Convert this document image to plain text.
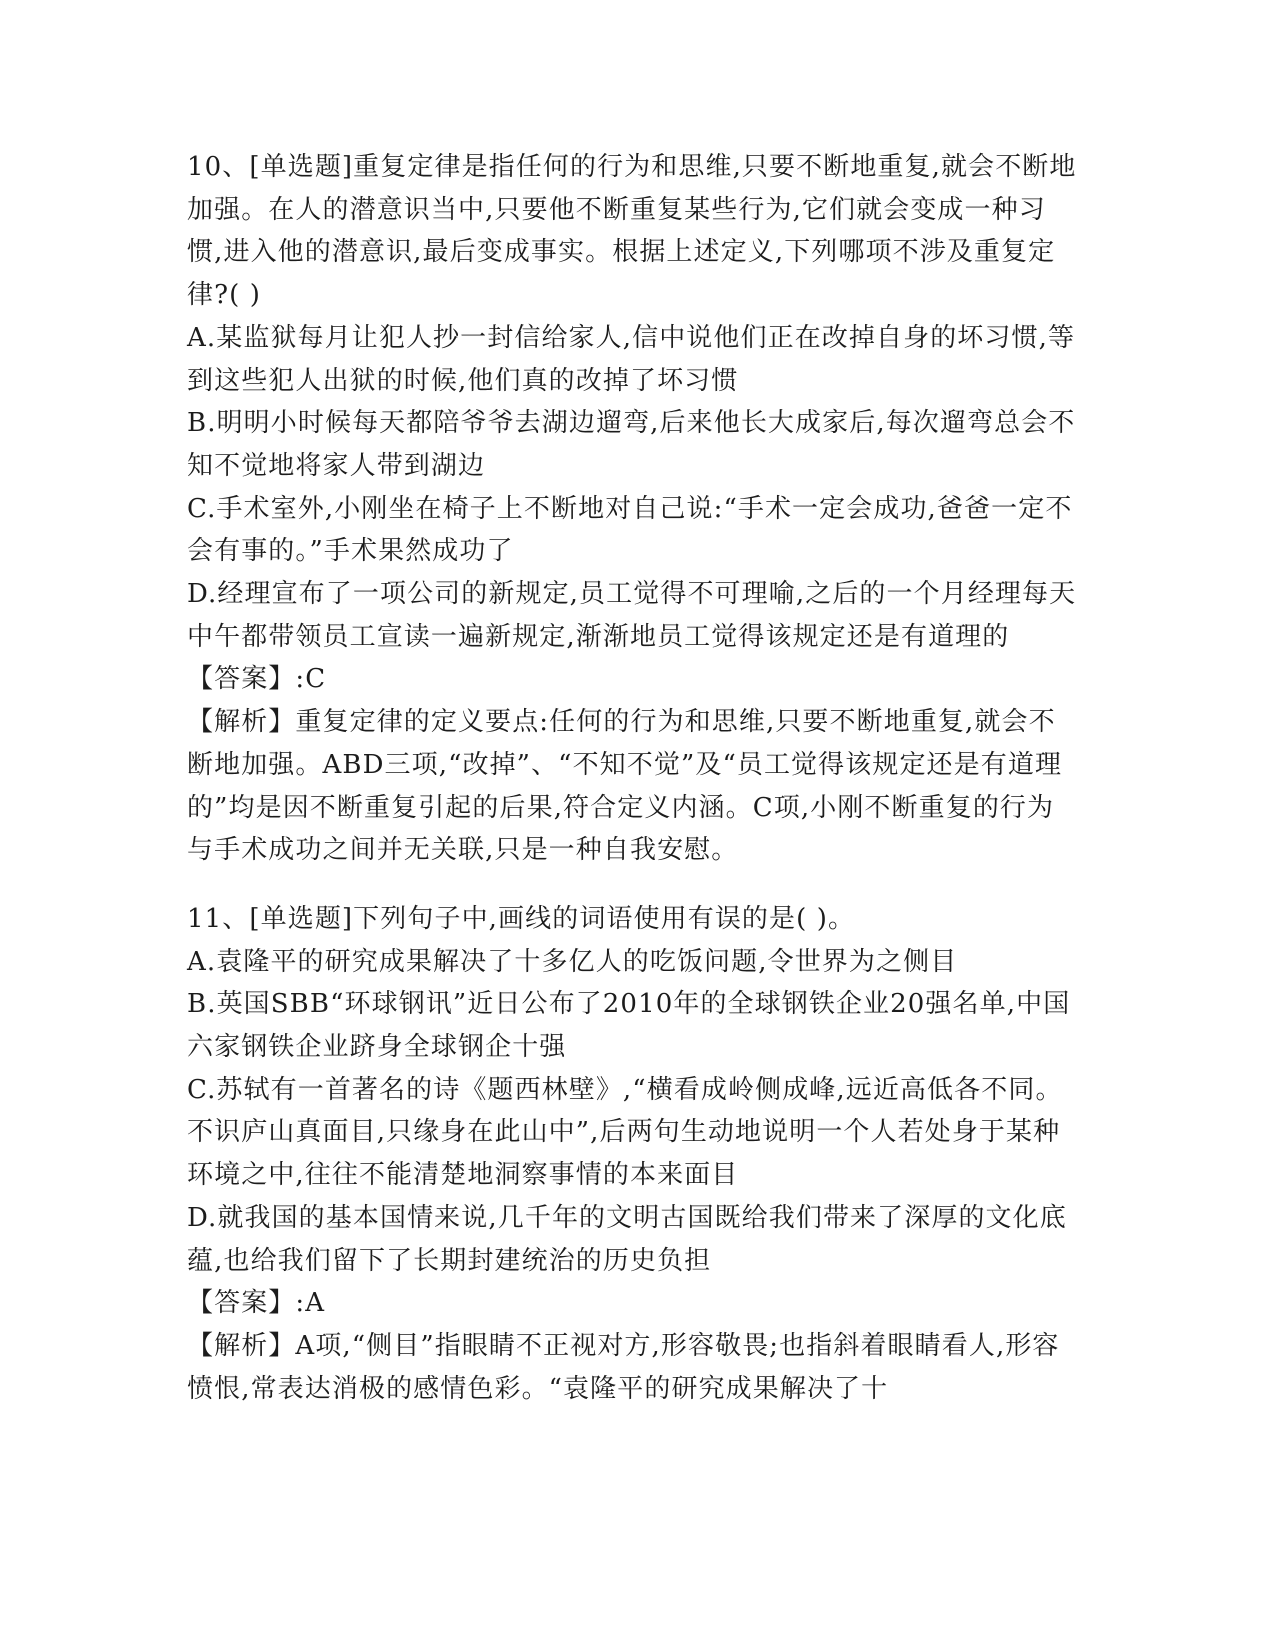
10、[单选题]重复定律是指任何的行为和思维,只要不断地重复,就会不断地加强。在人的潜意识当中,只要他不断重复某些行为,它们就会变成一种习惯,进入他的潜意识,最后变成事实。根据上述定义,下列哪项不涉及重复定律?( )

A.某监狱每月让犯人抄一封信给家人,信中说他们正在改掉自身的坏习惯,等到这些犯人出狱的时候,他们真的改掉了坏习惯

B.明明小时候每天都陪爷爷去湖边遛弯,后来他长大成家后,每次遛弯总会不知不觉地将家人带到湖边

C.手术室外,小刚坐在椅子上不断地对自己说:“手术一定会成功,爸爸一定不会有事的。”手术果然成功了

D.经理宣布了一项公司的新规定,员工觉得不可理喻,之后的一个月经理每天中午都带领员工宣读一遍新规定,渐渐地员工觉得该规定还是有道理的

【答案】:C

【解析】重复定律的定义要点:任何的行为和思维,只要不断地重复,就会不断地加强。ABD三项,“改掉”、“不知不觉”及“员工觉得该规定还是有道理的”均是因不断重复引起的后果,符合定义内涵。C项,小刚不断重复的行为与手术成功之间并无关联,只是一种自我安慰。

11、[单选题]下列句子中,画线的词语使用有误的是( )。

A.袁隆平的研究成果解决了十多亿人的吃饭问题,令世界为之侧目

B.英国SBB“环球钢讯”近日公布了2010年的全球钢铁企业20强名单,中国六家钢铁企业跻身全球钢企十强

C.苏轼有一首著名的诗《题西林壁》,“横看成岭侧成峰,远近高低各不同。不识庐山真面目,只缘身在此山中”,后两句生动地说明一个人若处身于某种环境之中,往往不能清楚地洞察事情的本来面目

D.就我国的基本国情来说,几千年的文明古国既给我们带来了深厚的文化底蕴,也给我们留下了长期封建统治的历史负担

【答案】:A

【解析】A项,“侧目”指眼睛不正视对方,形容敬畏;也指斜着眼睛看人,形容愤恨,常表达消极的感情色彩。“袁隆平的研究成果解决了十
